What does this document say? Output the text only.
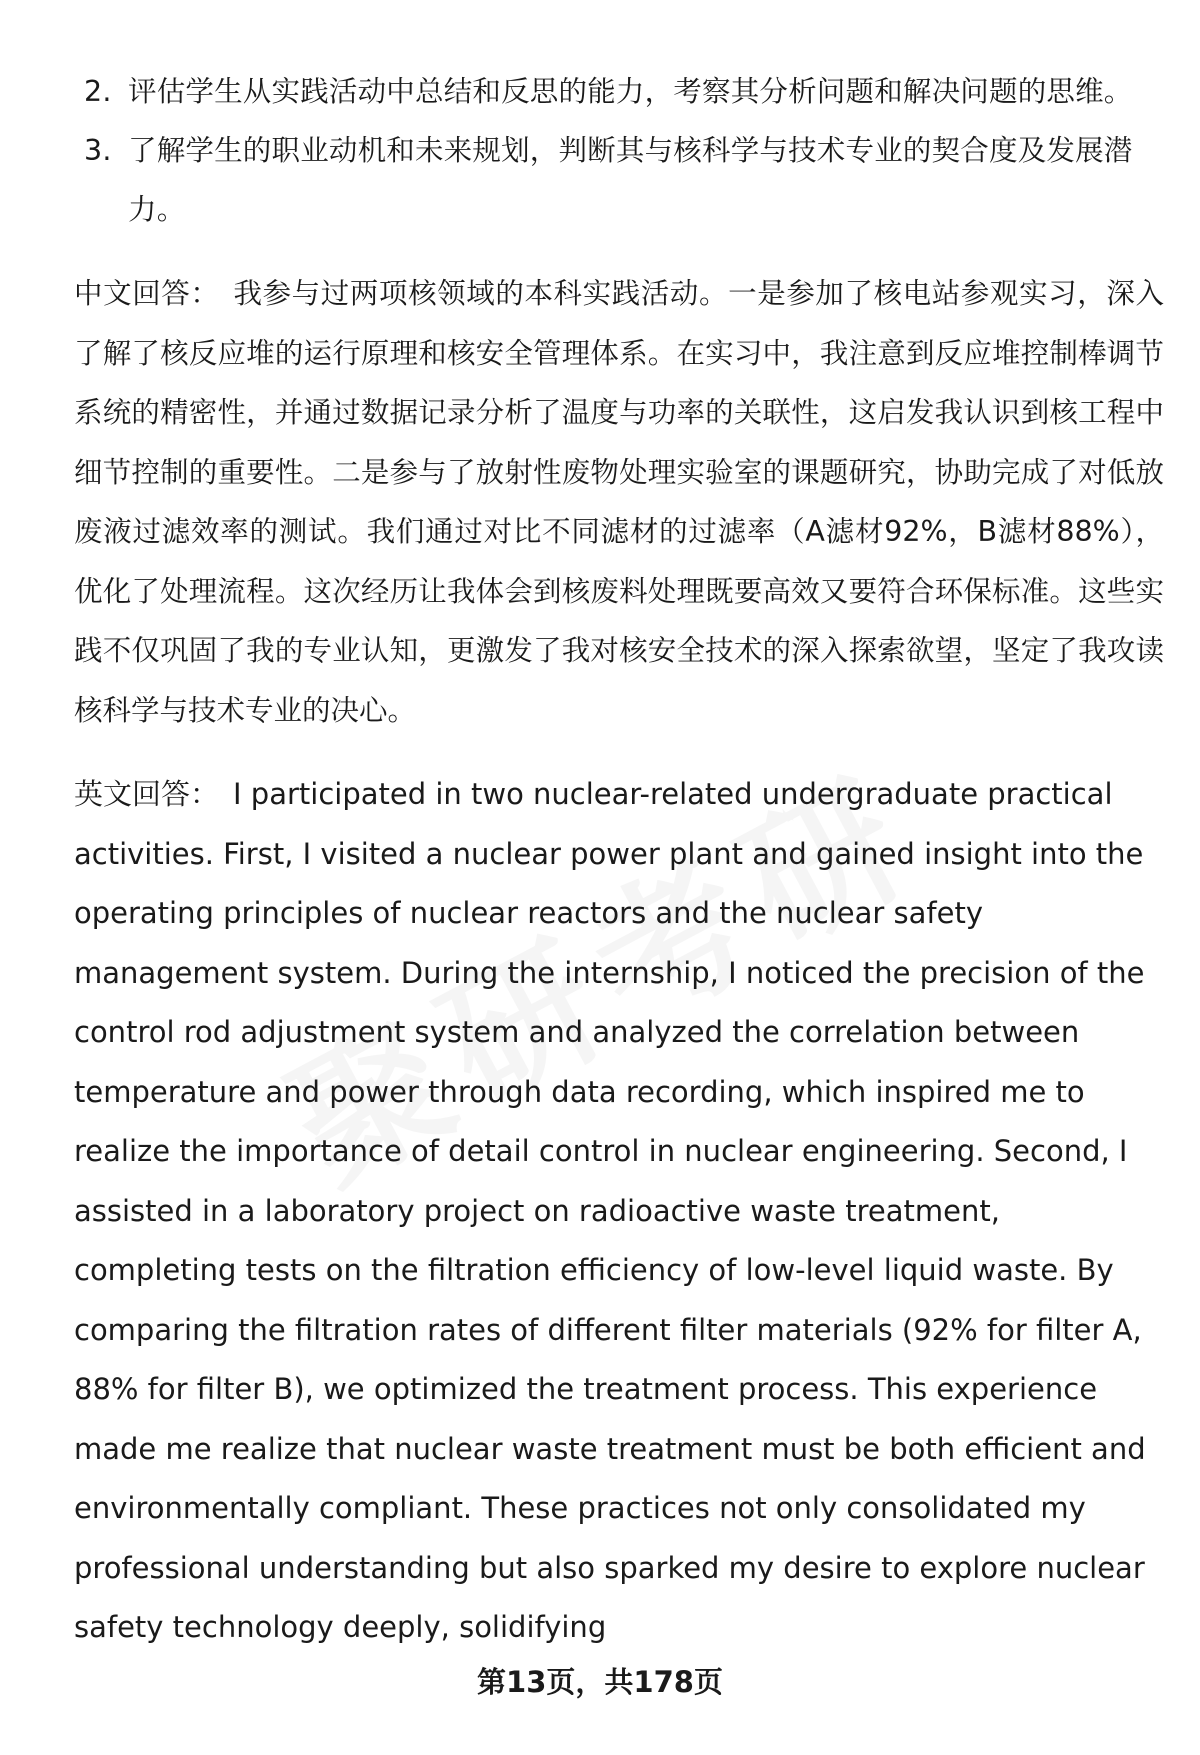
2. 评估学生从实践活动中总结和反思的能力，考察其分析问题和解决问题的思维。
3. 了解学生的职业动机和未来规划，判断其与核科学与技术专业的契合度及发展潜力。

中文回答： 我参与过两项核领域的本科实践活动。一是参加了核电站参观实习，深入了解了核反应堆的运行原理和核安全管理体系。在实习中，我注意到反应堆控制棒调节系统的精密性，并通过数据记录分析了温度与功率的关联性，这启发我认识到核工程中细节控制的重要性。二是参与了放射性废物处理实验室的课题研究，协助完成了对低放废液过滤效率的测试。我们通过对比不同滤材的过滤率（A滤材92%，B滤材88%），优化了处理流程。这次经历让我体会到核废料处理既要高效又要符合环保标准。这些实践不仅巩固了我的专业认知，更激发了我对核安全技术的深入探索欲望，坚定了我攻读核科学与技术专业的决心。

英文回答： I participated in two nuclear-related undergraduate practical activities. First, I visited a nuclear power plant and gained insight into the operating principles of nuclear reactors and the nuclear safety management system. During the internship, I noticed the precision of the control rod adjustment system and analyzed the correlation between temperature and power through data recording, which inspired me to realize the importance of detail control in nuclear engineering. Second, I assisted in a laboratory project on radioactive waste treatment, completing tests on the filtration efficiency of low-level liquid waste. By comparing the filtration rates of different filter materials (92% for filter A, 88% for filter B), we optimized the treatment process. This experience made me realize that nuclear waste treatment must be both efficient and environmentally compliant. These practices not only consolidated my professional understanding but also sparked my desire to explore nuclear safety technology deeply, solidifying

第13页，共178页
